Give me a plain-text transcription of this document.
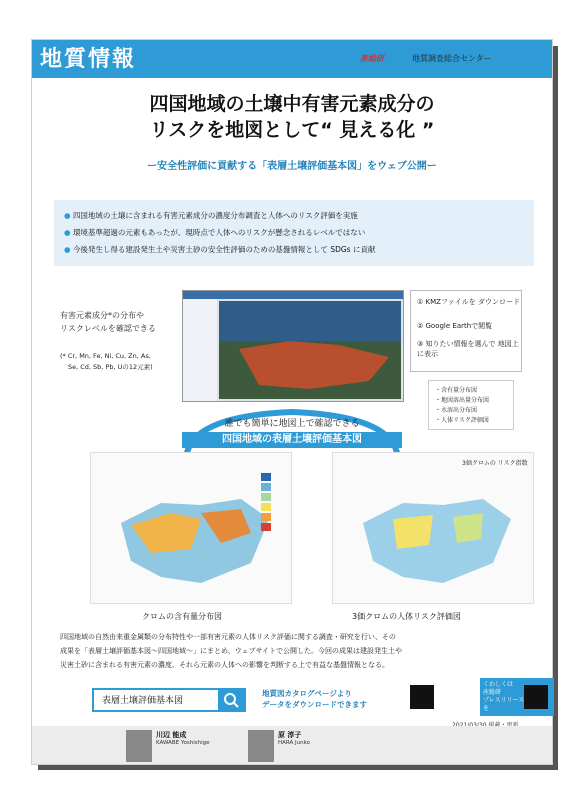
地質情報	産総研	地質調査総合センター
四国地域の土壌中有害元素成分の
リスクを地図として“ 見える化 ”
ー安全性評価に貢献する「表層土壌評価基本図」をウェブ公開ー
● 四国地域の土壌に含まれる有害元素成分の濃度分布調査と人体へのリスク評価を実施
● 環境基準超過の元素もあったが、現時点で人体へのリスクが懸念されるレベルではない
● 今後発生し得る建設発生土や災害土砂の安全性評価のための基盤情報として SDGs に貢献
有害元素成分*の分布や
リスクレベルを確認できる
(* Cr, Mn, Fe, Ni, Cu, Zn, As,
Se, Cd, Sb, Pb, Uの12元素)
① KMZファイルを ダウンロード
② Google Earthで閲覧
③ 知りたい情報を選んで 地図上に表示
・含有量分布図
・地図溶出量分布図
・水溶出分布図
・人体リスク評価図
誰でも簡単に地図上で確認できる
四国地域の表層土壌評価基本図
3価クロムの リスク指数
クロムの含有量分布図	3価クロムの人体リスク評価図
四国地域の自然由来重金属類の分布特性や一部有害元素の人体リスク評価に関する調査・研究を行い、その
成果を「表層土壌評価基本図～四国地域～」にまとめ、ウェブサイトで公開した。今回の成果は建設発生土や
災害土砂に含まれる有害元素の濃度、それら元素の人体への影響を判断する上で有益な基盤情報となる。
表層土壌評価基本図
地質図カタログページより
データをダウンロードできます
くわしくは
産総研
プレスリリース
を
川辺 能成	原 淳子
KAWABE Yoshishige	HARA Junko
